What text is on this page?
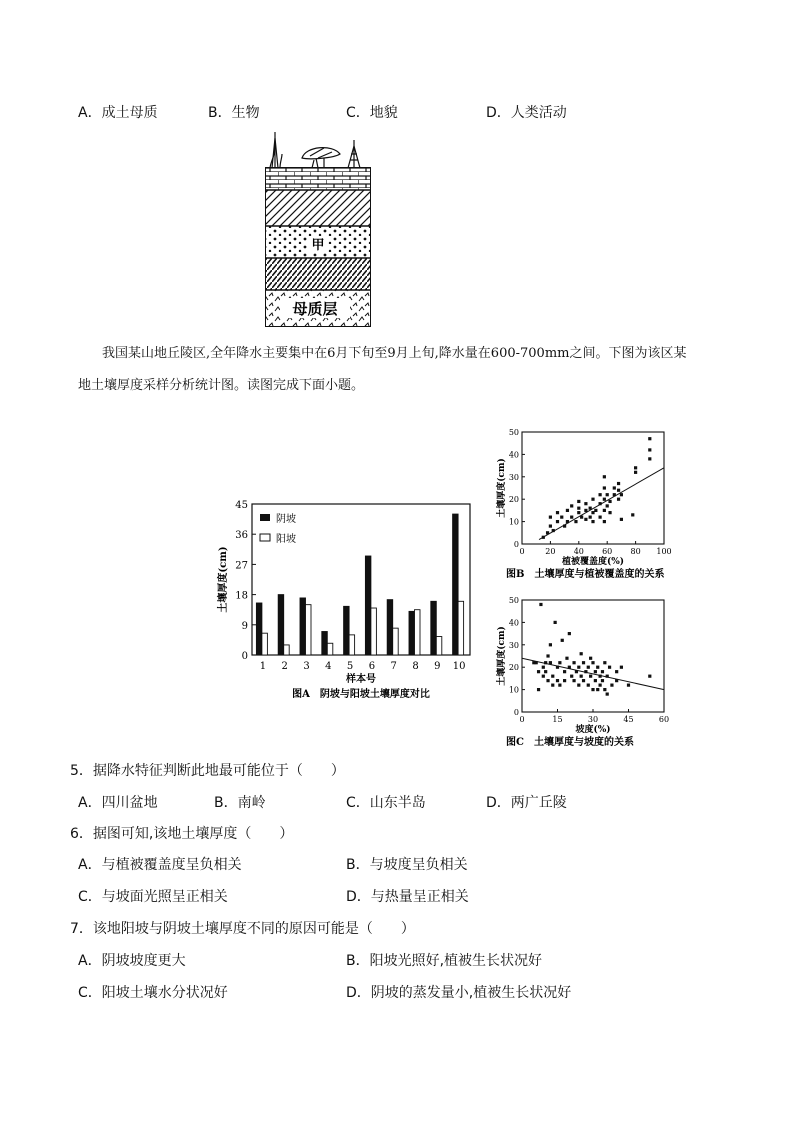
A．成土母质	B．生物	C．地貌	D．人类活动
甲
母质层
我国某山地丘陵区,全年降水主要集中在6月下旬至9月上旬,降水量在600-700mm之间。下图为该区某
地土壤厚度采样分析统计图。读图完成下面小题。
0
9
18
27
36
45
1 2 3 4 5 6 7 8 9 10
阴坡
阳坡
土壤厚度(cm)
样本号
图A　阴坡与阳坡土壤厚度对比
0
10
20
30
40
50
0	20 40 60 80 100
土壤厚度(cm)
植被覆盖度(%)
图B　土壤厚度与植被覆盖度的关系
0
10
20
30
40
50
0	15	30	45	60
土壤厚度(cm)
坡度(%)
图C　土壤厚度与坡度的关系
5．据降水特征判断此地最可能位于（　　）
A．四川盆地	B．南岭	C．山东半岛	D．两广丘陵
6．据图可知,该地土壤厚度（　　）
A．与植被覆盖度呈负相关	B．与坡度呈负相关
C．与坡面光照呈正相关	D．与热量呈正相关
7．该地阳坡与阴坡土壤厚度不同的原因可能是（　　）
A．阴坡坡度更大	B．阳坡光照好,植被生长状况好
C．阳坡土壤水分状况好	D．阴坡的蒸发量小,植被生长状况好
